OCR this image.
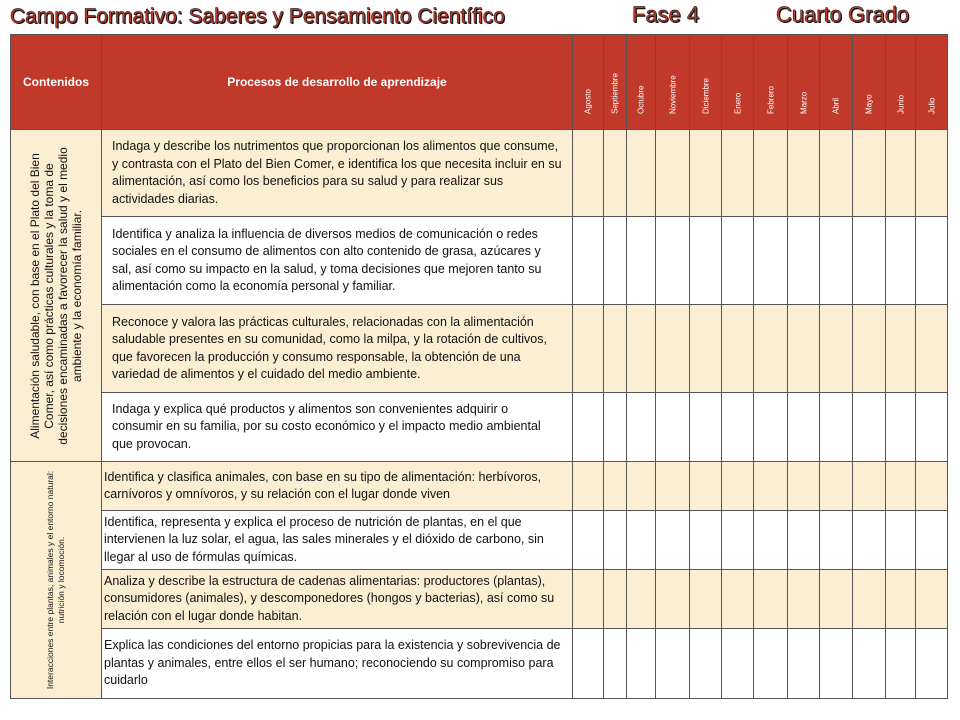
Campo Formativo: Saberes y Pensamiento Científico	Fase 4	Cuarto Grado
Contenidos	Procesos de desarrollo de aprendizaje	Agosto	Septiembre	Octubre	Noviembre	Diciembre	Enero	Febrero	Marzo	Abril	Mayo	Junio	Julio

Alimentación saludable, con base en el Plato del Bien Comer, así como prácticas culturales y la toma de decisiones encaminadas a favorecer la salud y el medio ambiente y la economía familiar.	Indaga y describe los nutrimentos que proporcionan los alimentos que consume, y contrasta con el Plato del Bien Comer, e identifica los que necesita incluir en su alimentación, así como los beneficios para su salud y para realizar sus actividades diarias.												
	Identifica y analiza la influencia de diversos medios de comunicación o redes sociales en el consumo de alimentos con alto contenido de grasa, azúcares y sal, así como su impacto en la salud, y toma decisiones que mejoren tanto su alimentación como la economía personal y familiar.												
	Reconoce y valora las prácticas culturales, relacionadas con la alimentación saludable presentes en su comunidad, como la milpa, y la rotación de cultivos, que favorecen la producción y consumo responsable, la obtención de una variedad de alimentos y el cuidado del medio ambiente.												
	Indaga y explica qué productos y alimentos son convenientes adquirir o consumir en su familia, por su costo económico y el impacto medio ambiental que provocan.												

Interacciones entre plantas, animales y el entorno natural: nutrición y locomoción.	Identifica y clasifica animales, con base en su tipo de alimentación: herbívoros, carnívoros y omnívoros, y su relación con el lugar donde viven												
	Identifica, representa y explica el proceso de nutrición de plantas, en el que intervienen la luz solar, el agua, las sales minerales y el dióxido de carbono, sin llegar al uso de fórmulas químicas.												
	Analiza y describe la estructura de cadenas alimentarias: productores (plantas), consumidores (animales), y descomponedores (hongos y bacterias), así como su relación con el lugar donde habitan.												
	Explica las condiciones del entorno propicias para la existencia y sobrevivencia de plantas y animales, entre ellos el ser humano; reconociendo su compromiso para cuidarlo												
